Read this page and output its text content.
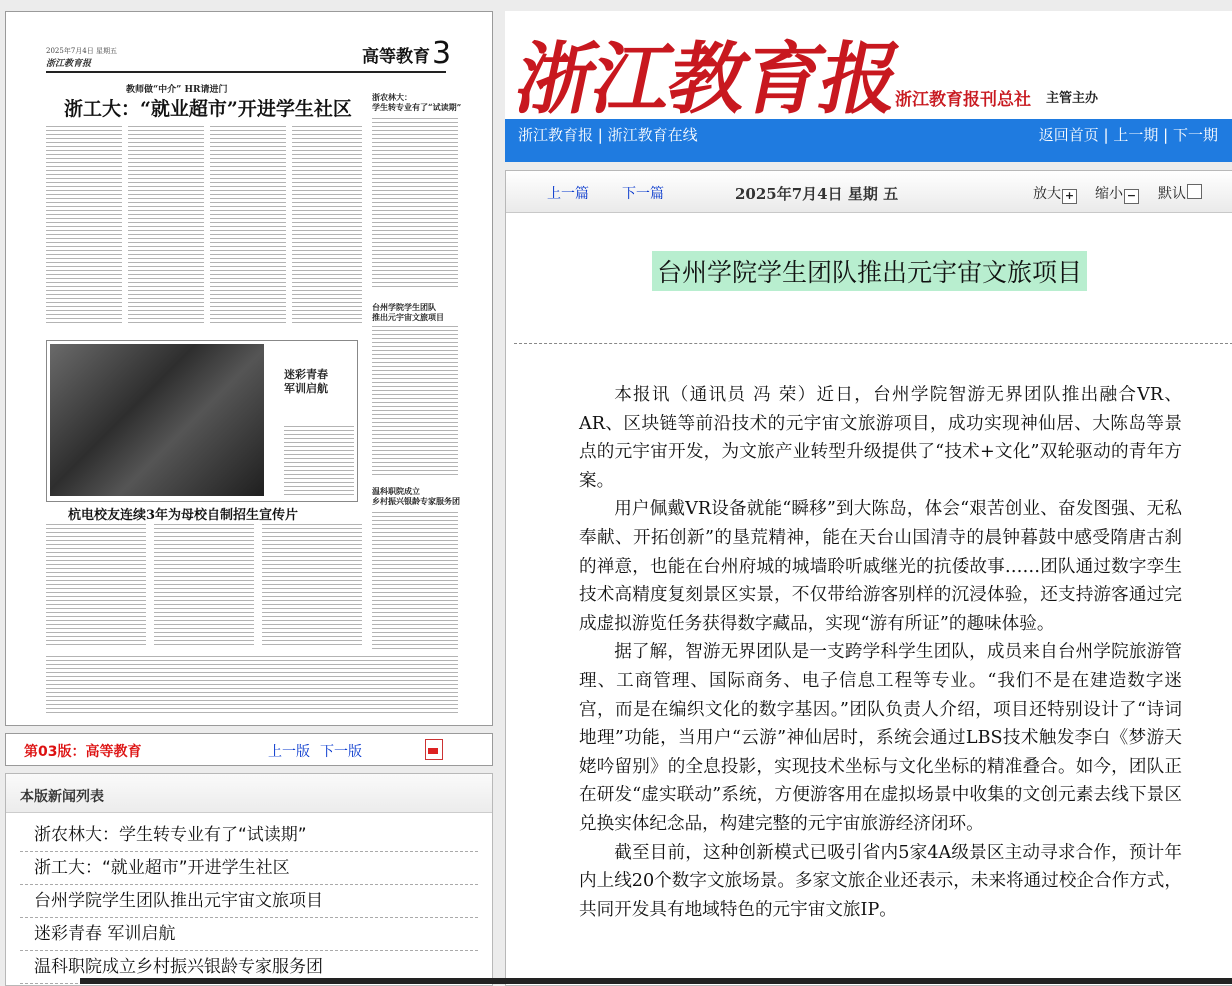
2025年7月4日 星期五
浙江教育报	高等教育 3
教师做“中介” HR请进门
浙工大：“就业超市”开进学生社区
浙农林大：
学生转专业有了“试读期”
台州学院学生团队
推出元宇宙文旅项目
温科职院成立
乡村振兴银龄专家服务团
迷彩青春
军训启航
杭电校友连续3年为母校自制招生宣传片
第03版：高等教育	上一版 下一版
本版新闻列表
浙农林大：学生转专业有了“试读期”
浙工大：“就业超市”开进学生社区
台州学院学生团队推出元宇宙文旅项目
迷彩青春 军训启航
温科职院成立乡村振兴银龄专家服务团
浙江教育报
浙江教育报刊总社 主管主办
浙江教育报 | 浙江教育在线	返回首页 | 上一期 | 下一期
上一篇 下一篇	2025年7月4日 星期 五	放大 + 缩小 − 默认
台州学院学生团队推出元宇宙文旅项目

本报讯（通讯员 冯 荣）近日，台州学院智游无界团队推出融合VR、AR、区块链等前沿技术的元宇宙文旅游项目，成功实现神仙居、大陈岛等景点的元宇宙开发，为文旅产业转型升级提供了“技术+文化”双轮驱动的青年方案。

用户佩戴VR设备就能“瞬移”到大陈岛，体会“艰苦创业、奋发图强、无私奉献、开拓创新”的垦荒精神，能在天台山国清寺的晨钟暮鼓中感受隋唐古刹的禅意，也能在台州府城的城墙聆听戚继光的抗倭故事……团队通过数字孪生技术高精度复刻景区实景，不仅带给游客别样的沉浸体验，还支持游客通过完成虚拟游览任务获得数字藏品，实现“游有所证”的趣味体验。

据了解，智游无界团队是一支跨学科学生团队，成员来自台州学院旅游管理、工商管理、国际商务、电子信息工程等专业。“我们不是在建造数字迷宫，而是在编织文化的数字基因。”团队负责人介绍，项目还特别设计了“诗词地理”功能，当用户“云游”神仙居时，系统会通过LBS技术触发李白《梦游天姥吟留别》的全息投影，实现技术坐标与文化坐标的精准叠合。如今，团队正在研发“虚实联动”系统，方便游客用在虚拟场景中收集的文创元素去线下景区兑换实体纪念品，构建完整的元宇宙旅游经济闭环。

截至目前，这种创新模式已吸引省内5家4A级景区主动寻求合作，预计年内上线20个数字文旅场景。多家文旅企业还表示，未来将通过校企合作方式，共同开发具有地域特色的元宇宙文旅IP。
